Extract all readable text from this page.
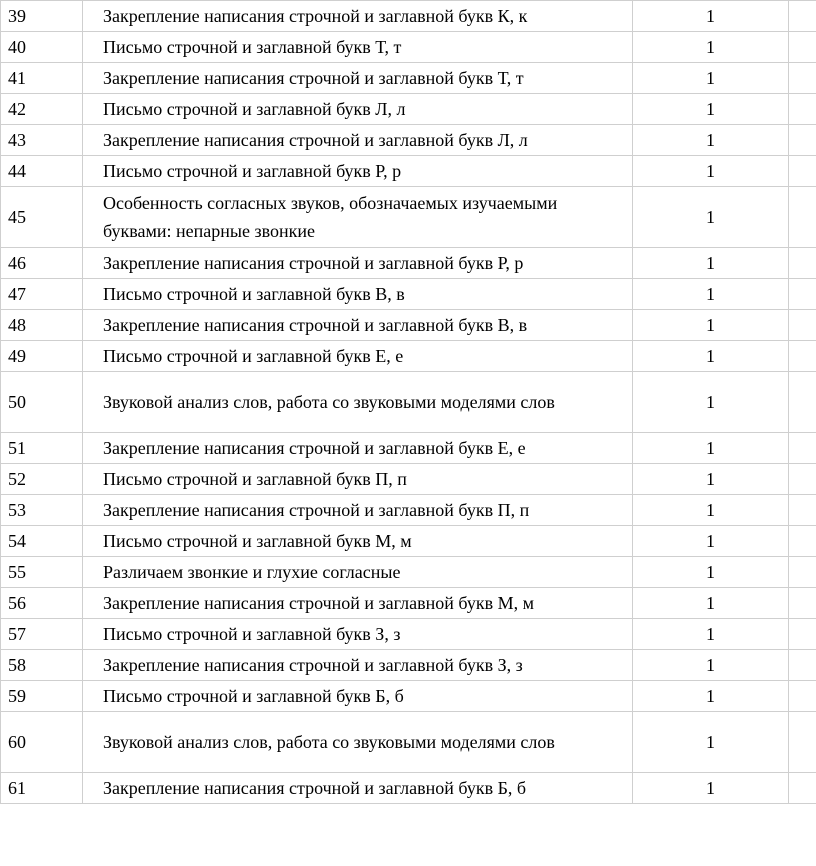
39	Закрепление написания строчной и заглавной букв К, к	1	
40	Письмо строчной и заглавной букв Т, т	1	
41	Закрепление написания строчной и заглавной букв Т, т	1	
42	Письмо строчной и заглавной букв Л, л	1	
43	Закрепление написания строчной и заглавной букв Л, л	1	
44	Письмо строчной и заглавной букв Р, р	1	
45	Особенность согласных звуков, обозначаемых изучаемыми буквами: непарные звонкие	1	
46	Закрепление написания строчной и заглавной букв Р, р	1	
47	Письмо строчной и заглавной букв В, в	1	
48	Закрепление написания строчной и заглавной букв В, в	1	
49	Письмо строчной и заглавной букв Е, е	1	
50	Звуковой анализ слов, работа со звуковыми моделями слов	1	
51	Закрепление написания строчной и заглавной букв Е, е	1	
52	Письмо строчной и заглавной букв П, п	1	
53	Закрепление написания строчной и заглавной букв П, п	1	
54	Письмо строчной и заглавной букв М, м	1	
55	Различаем звонкие и глухие согласные	1	
56	Закрепление написания строчной и заглавной букв М, м	1	
57	Письмо строчной и заглавной букв З, з	1	
58	Закрепление написания строчной и заглавной букв З, з	1	
59	Письмо строчной и заглавной букв Б, б	1	
60	Звуковой анализ слов, работа со звуковыми моделями слов	1	
61	Закрепление написания строчной и заглавной букв Б, б	1	
